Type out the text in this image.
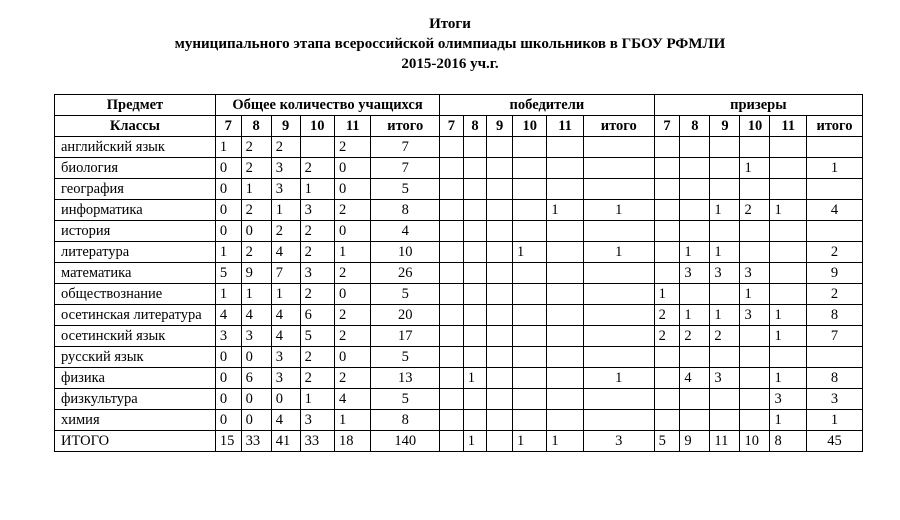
Итоги
муниципального этапа всероссийской олимпиады школьников в ГБОУ РФМЛИ
2015-2016 уч.г.
Предмет	Общее количество учащихся						победители						призеры					
Классы	7	8	9	10	11	итого	7	8	9	10	11	итого	7	8	9	10	11	итого
английский язык	1	2	2		2	7												
биология	0	2	3	2	0	7										1		1
география	0	1	3	1	0	5												
информатика	0	2	1	3	2	8					1	1			1	2	1	4
история	0	0	2	2	0	4												
литература	1	2	4	2	1	10				1		1		1	1			2
математика	5	9	7	3	2	26								3	3	3		9
обществознание	1	1	1	2	0	5							1			1		2
осетинская литература	4	4	4	6	2	20							2	1	1	3	1	8
осетинский язык	3	3	4	5	2	17							2	2	2		1	7
русский язык	0	0	3	2	0	5												
физика	0	6	3	2	2	13		1				1		4	3		1	8
физкультура	0	0	0	1	4	5											3	3
химия	0	0	4	3	1	8											1	1
ИТОГО	15	33	41	33	18	140		1		1	1	3	5	9	11	10	8	45
